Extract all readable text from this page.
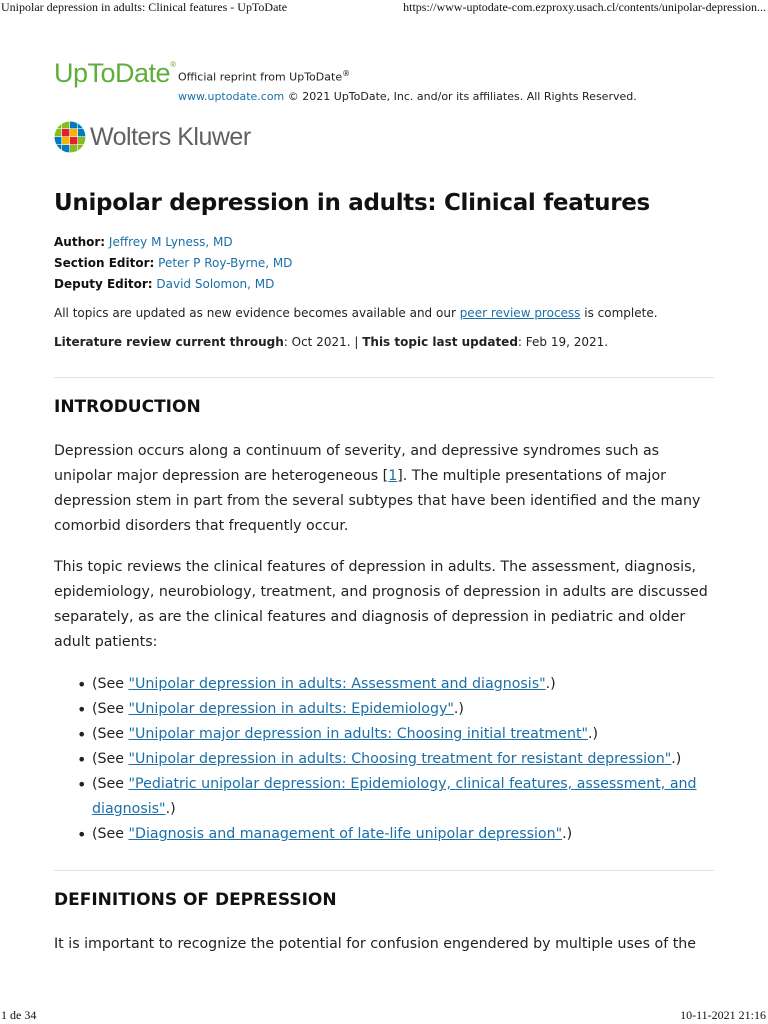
Unipolar depression in adults: Clinical features - UpToDate	https://www-uptodate-com.ezproxy.usach.cl/contents/unipolar-depression...
UpToDate®
Official reprint from UpToDate®
www.uptodate.com © 2021 UpToDate, Inc. and/or its affiliates. All Rights Reserved.
Wolters Kluwer
Unipolar depression in adults: Clinical features
Author: Jeffrey M Lyness, MD
Section Editor: Peter P Roy-Byrne, MD
Deputy Editor: David Solomon, MD
All topics are updated as new evidence becomes available and our peer review process is complete.
Literature review current through: Oct 2021. | This topic last updated: Feb 19, 2021.
INTRODUCTION
Depression occurs along a continuum of severity, and depressive syndromes such as
unipolar major depression are heterogeneous [1]. The multiple presentations of major
depression stem in part from the several subtypes that have been identified and the many
comorbid disorders that frequently occur.
This topic reviews the clinical features of depression in adults. The assessment, diagnosis,
epidemiology, neurobiology, treatment, and prognosis of depression in adults are discussed
separately, as are the clinical features and diagnosis of depression in pediatric and older
adult patients:
• (See "Unipolar depression in adults: Assessment and diagnosis".)
• (See "Unipolar depression in adults: Epidemiology".)
• (See "Unipolar major depression in adults: Choosing initial treatment".)
• (See "Unipolar depression in adults: Choosing treatment for resistant depression".)
• (See "Pediatric unipolar depression: Epidemiology, clinical features, assessment, and
diagnosis".)
• (See "Diagnosis and management of late-life unipolar depression".)
DEFINITIONS OF DEPRESSION
It is important to recognize the potential for confusion engendered by multiple uses of the
1 de 34	10-11-2021 21:16
